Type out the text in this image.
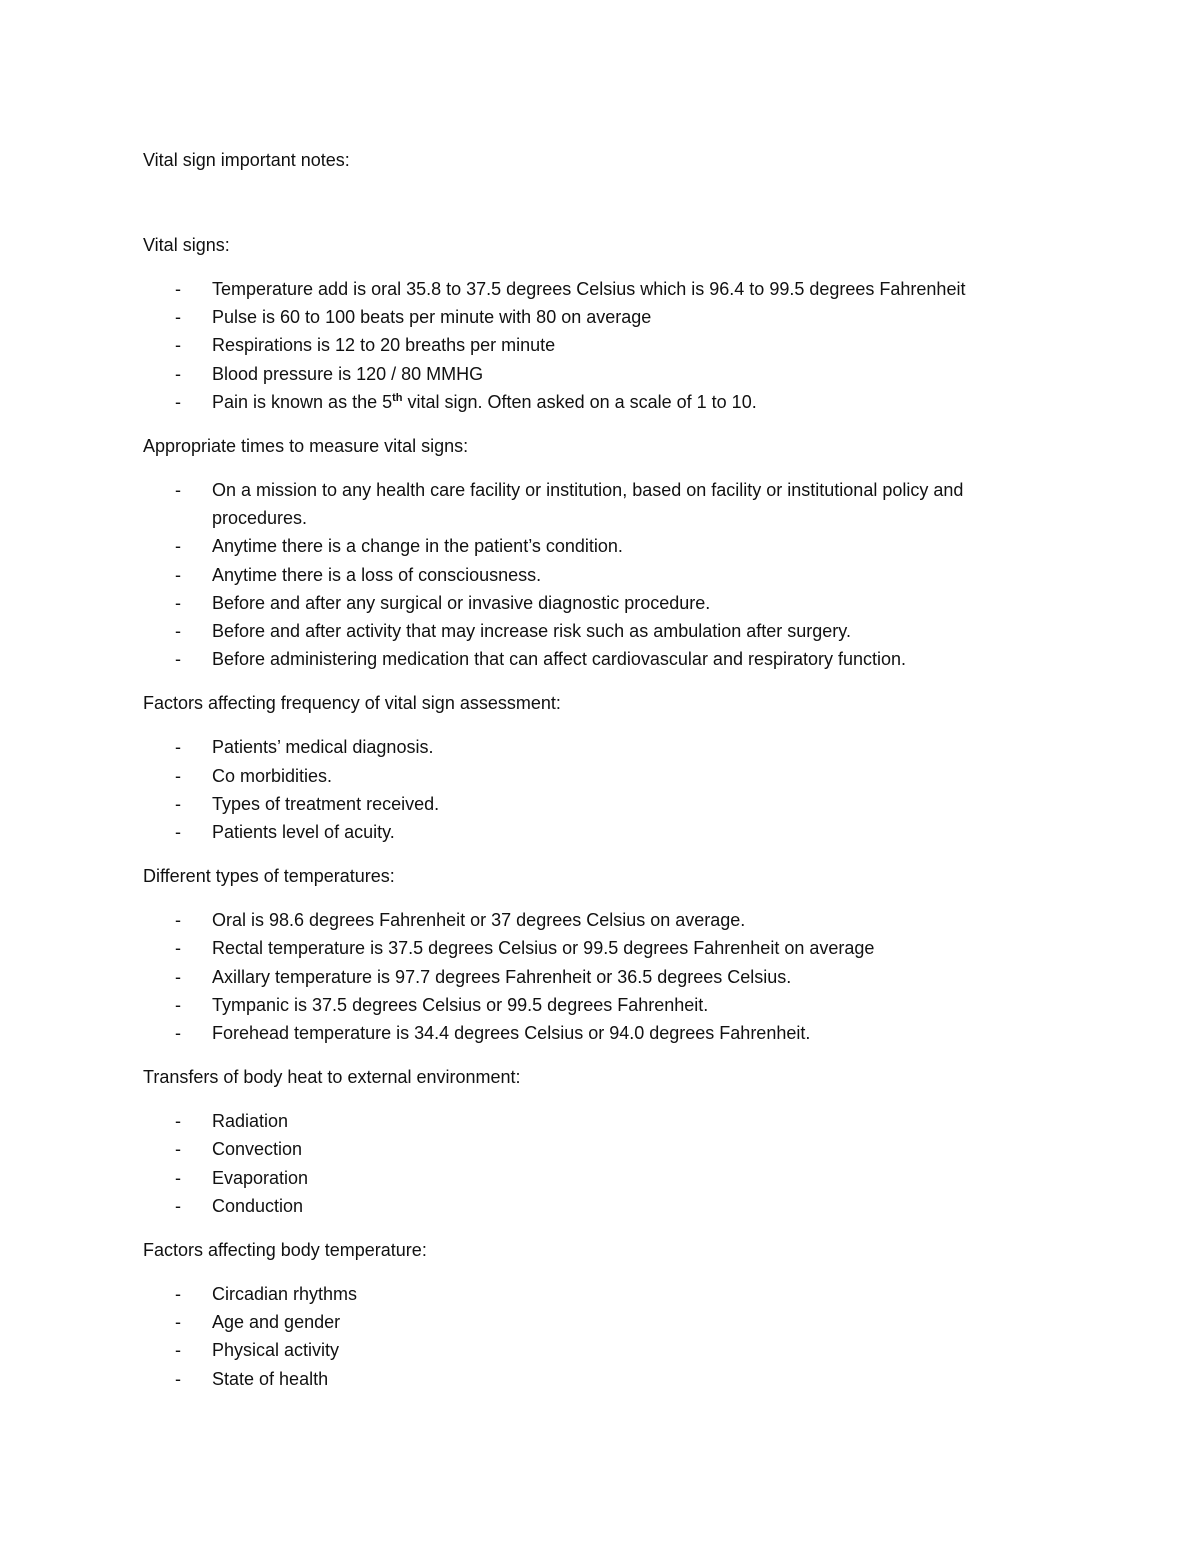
Vital sign important notes:

Vital signs:

- Temperature add is oral 35.8 to 37.5 degrees Celsius which is 96.4 to 99.5 degrees Fahrenheit
- Pulse is 60 to 100 beats per minute with 80 on average
- Respirations is 12 to 20 breaths per minute
- Blood pressure is 120 / 80 MMHG
- Pain is known as the 5th vital sign. Often asked on a scale of 1 to 10.

Appropriate times to measure vital signs:

- On a mission to any health care facility or institution, based on facility or institutional policy and procedures.
- Anytime there is a change in the patient’s condition.
- Anytime there is a loss of consciousness.
- Before and after any surgical or invasive diagnostic procedure.
- Before and after activity that may increase risk such as ambulation after surgery.
- Before administering medication that can affect cardiovascular and respiratory function.

Factors affecting frequency of vital sign assessment:

- Patients’ medical diagnosis.
- Co morbidities.
- Types of treatment received.
- Patients level of acuity.

Different types of temperatures:

- Oral is 98.6 degrees Fahrenheit or 37 degrees Celsius on average.
- Rectal temperature is 37.5 degrees Celsius or 99.5 degrees Fahrenheit on average
- Axillary temperature is 97.7 degrees Fahrenheit or 36.5 degrees Celsius.
- Tympanic is 37.5 degrees Celsius or 99.5 degrees Fahrenheit.
- Forehead temperature is 34.4 degrees Celsius or 94.0 degrees Fahrenheit.

Transfers of body heat to external environment:

- Radiation
- Convection
- Evaporation
- Conduction

Factors affecting body temperature:

- Circadian rhythms
- Age and gender
- Physical activity
- State of health
